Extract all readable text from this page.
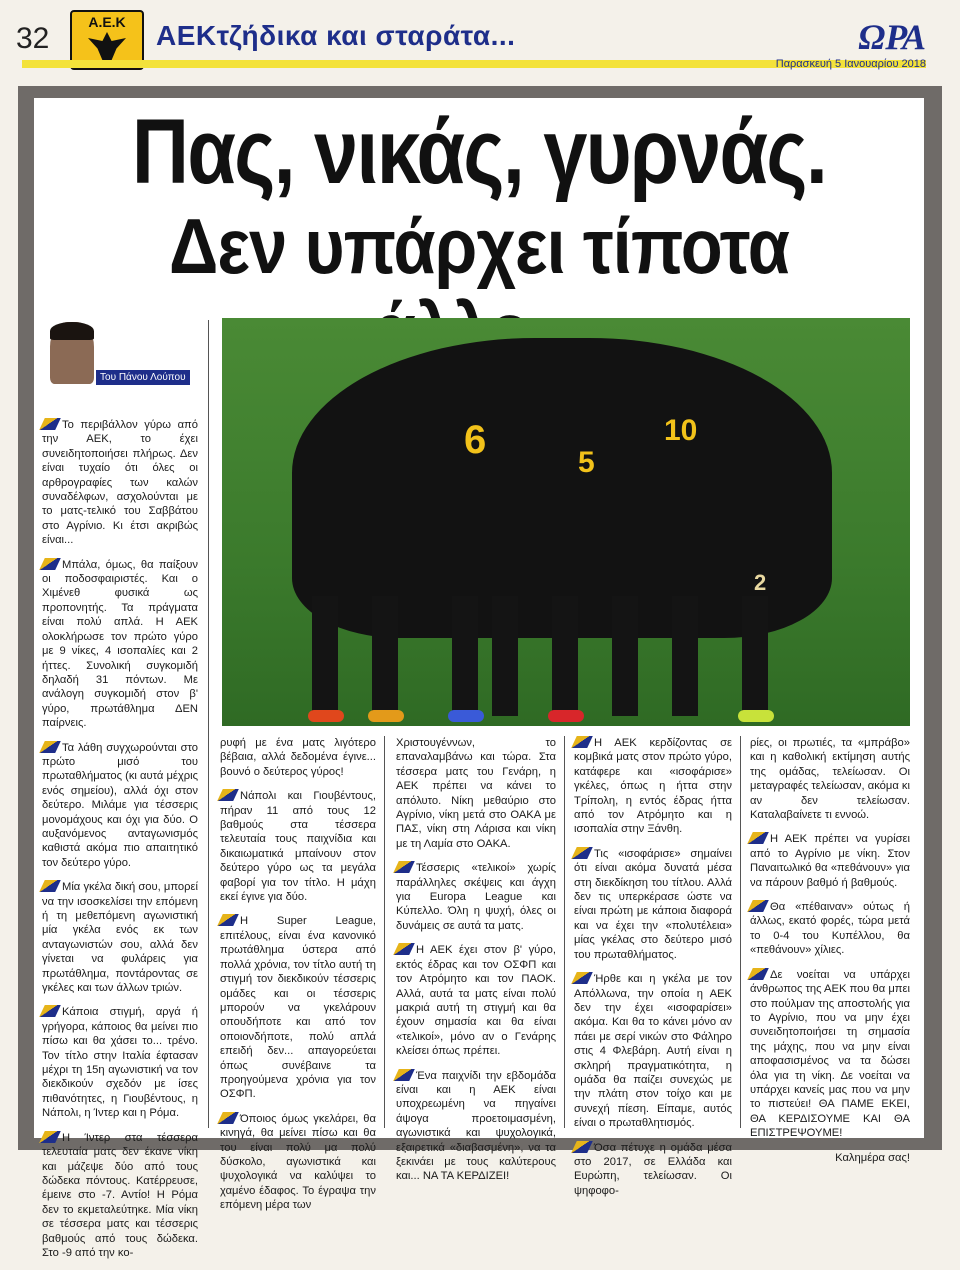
32	Α.Ε.Κ	ΑΕΚτζήδικα και σταράτα...	ΩΡΑ
Παρασκευή 5 Ιανουαρίου 2018
Πας, νικάς, γυρνάς.
Δεν υπάρχει τίποτα
Του Πάνου Λούπου
6
5
10
2

Το περιβάλλον γύρω από την ΑΕΚ, το έχει συνειδητοποιήσει πλήρως. Δεν είναι τυχαίο ότι όλες οι αρθρογραφίες των καλών συναδέλφων, ασχολούνται με το ματς-τελικό του Σαββάτου στο Αγρίνιο. Κι έτσι ακριβώς είναι...

Μπάλα, όμως, θα παίξουν οι ποδοσφαιριστές. Και ο Χιμένεθ φυσικά ως προπονητής. Τα πράγματα είναι πολύ απλά. Η ΑΕΚ ολοκλήρωσε τον πρώτο γύρο με 9 νίκες, 4 ισοπαλίες και 2 ήττες. Συνολική συγκομιδή δηλαδή 31 πόντων. Με ανάλογη συγκομιδή στον β' γύρο, πρωτάθλημα ΔΕΝ παίρνεις.

Τα λάθη συγχωρούνται στο πρώτο μισό του πρωταθλήματος (κι αυτά μέχρις ενός σημείου), αλλά όχι στον δεύτερο. Μιλάμε για τέσσερις μονομάχους και όχι για δύο. Ο αυξανόμενος ανταγωνισμός καθιστά ακόμα πιο απαιτητικό τον δεύτερο γύρο.

Μία γκέλα δική σου, μπορεί να την ισοσκελίσει την επόμενη ή τη μεθεπόμενη αγωνιστική μία γκέλα ενός εκ των ανταγωνιστών σου, αλλά δεν γίνεται να φυλάρεις για πρωτάθλημα, ποντάροντας σε γκέλες και των άλλων τριών.

Κάποια στιγμή, αργά ή γρήγορα, κάποιος θα μείνει πιο πίσω και θα χάσει το... τρένο. Τον τίτλο στην Ιταλία έφτασαν μέχρι τη 15η αγωνιστική να τον διεκδικούν σχεδόν με ίσες πιθανότητες, η Γιουβέντους, η Νάπολι, η Ίντερ και η Ρόμα.

Η Ίντερ στα τέσσερα τελευταία ματς δεν έκανε νίκη και μάζεψε δύο από τους δώδεκα πόντους. Κατέρρευσε, έμεινε στο -7. Αντίο! Η Ρόμα δεν το εκμεταλεύτηκε. Μία νίκη σε τέσσερα ματς και τέσσερις βαθμούς από τους δώδεκα. Στο -9 από την κο-

ρυφή με ένα ματς λιγότερο βέβαια, αλλά δεδομένα έγινε... βουνό ο δεύτερος γύρος!

Νάπολι και Γιουβέντους, πήραν 11 από τους 12 βαθμούς στα τέσσερα τελευταία τους παιχνίδια και δικαιωματικά μπαίνουν στον δεύτερο γύρο ως τα μεγάλα φαβορί για τον τίτλο. Η μάχη εκεί έγινε για δύο.

Η Super League, επιτέλους, είναι ένα κανονικό πρωτάθλημα ύστερα από πολλά χρόνια, τον τίτλο αυτή τη στιγμή τον διεκδικούν τέσσερις ομάδες και οι τέσσερις μπορούν να γκελάρουν οπουδήποτε και από τον οποιονδήποτε, πολύ απλά επειδή δεν... απαγορεύεται όπως συνέβαινε τα προηγούμενα χρόνια για τον ΟΣΦΠ.

Όποιος όμως γκελάρει, θα κινηγά, θα μείνει πίσω και θα του είναι πολύ μα πολύ δύσκολο, αγωνιστικά και ψυχολογικά να καλύψει το χαμένο έδαφος. Το έγραψα την επόμενη μέρα των

Χριστουγέννων, το επαναλαμβάνω και τώρα. Στα τέσσερα ματς του Γενάρη, η ΑΕΚ πρέπει να κάνει το απόλυτο. Νίκη μεθαύριο στο Αγρίνιο, νίκη μετά στο ΟΑΚΑ με ΠΑΣ, νίκη στη Λάρισα και νίκη με τη Λαμία στο ΟΑΚΑ.

Τέσσερις «τελικοί» χωρίς παράλληλες σκέψεις και άγχη για Europa League και Κύπελλο. Όλη η ψυχή, όλες οι δυνάμεις σε αυτά τα ματς.

Η ΑΕΚ έχει στον β' γύρο, εκτός έδρας και τον ΟΣΦΠ και τον Ατρόμητο και τον ΠΑΟΚ. Αλλά, αυτά τα ματς είναι πολύ μακριά αυτή τη στιγμή και θα έχουν σημασία και θα είναι «τελικοί», μόνο αν ο Γενάρης κλείσει όπως πρέπει.

Ένα παιχνίδι την εβδομάδα είναι και η ΑΕΚ είναι υποχρεωμένη να πηγαίνει άψογα προετοιμασμένη, αγωνιστικά και ψυχολογικά, εξαιρετικά «διαβασμένη», να τα ξεκινάει με τους καλύτερους και... ΝΑ ΤΑ ΚΕΡΔΙΖΕΙ!

Η ΑΕΚ κερδίζοντας σε κομβικά ματς στον πρώτο γύρο, κατάφερε και «ισοφάρισε» γκέλες, όπως η ήττα στην Τρίπολη, η εντός έδρας ήττα από τον Ατρόμητο και η ισοπαλία στην Ξάνθη.

Τις «ισοφάρισε» σημαίνει ότι είναι ακόμα δυνατά μέσα στη διεκδίκηση του τίτλου. Αλλά δεν τις υπερκέρασε ώστε να είναι πρώτη με κάποια διαφορά και να έχει την «πολυτέλεια» μίας γκέλας στο δεύτερο μισό του πρωταθλήματος.

Ήρθε και η γκέλα με τον Απόλλωνα, την οποία η ΑΕΚ δεν την έχει «ισοφαρίσει» ακόμα. Και θα το κάνει μόνο αν πάει με σερί νικών στο Φάληρο στις 4 Φλεβάρη. Αυτή είναι η σκληρή πραγματικότητα, η ομάδα θα παίζει συνεχώς με την πλάτη στον τοίχο και με συνεχή πίεση. Είπαμε, αυτός είναι ο πρωταθλητισμός.

Όσα πέτυχε η ομάδα μέσα στο 2017, σε Ελλάδα και Ευρώπη, τελείωσαν. Οι ψηφοφο-

ρίες, οι πρωτιές, τα «μπράβο» και η καθολική εκτίμηση αυτής της ομάδας, τελείωσαν. Οι μεταγραφές τελείωσαν, ακόμα κι αν δεν τελείωσαν. Καταλαβαίνετε τι εννοώ.

Η ΑΕΚ πρέπει να γυρίσει από το Αγρίνιο με νίκη. Στον Παναιτωλικό θα «πεθάνουν» για να πάρουν βαθμό ή βαθμούς.

Θα «πέθαιναν» ούτως ή άλλως, εκατό φορές, τώρα μετά το 0-4 του Κυπέλλου, θα «πεθάνουν» χίλιες.

Δε νοείται να υπάρχει άνθρωπος της ΑΕΚ που θα μπει στο πούλμαν της αποστολής για το Αγρίνιο, που να μην έχει συνειδητοποιήσει τη σημασία της μάχης, που να μην είναι αποφασισμένος να τα δώσει όλα για τη νίκη. Δε νοείται να υπάρχει κανείς μας που να μην το πιστεύει! ΘΑ ΠΑΜΕ ΕΚΕΙ, ΘΑ ΚΕΡΔΙΣΟΥΜΕ ΚΑΙ ΘΑ ΕΠΙΣΤΡΕΨΟΥΜΕ!

Καλημέρα σας!
